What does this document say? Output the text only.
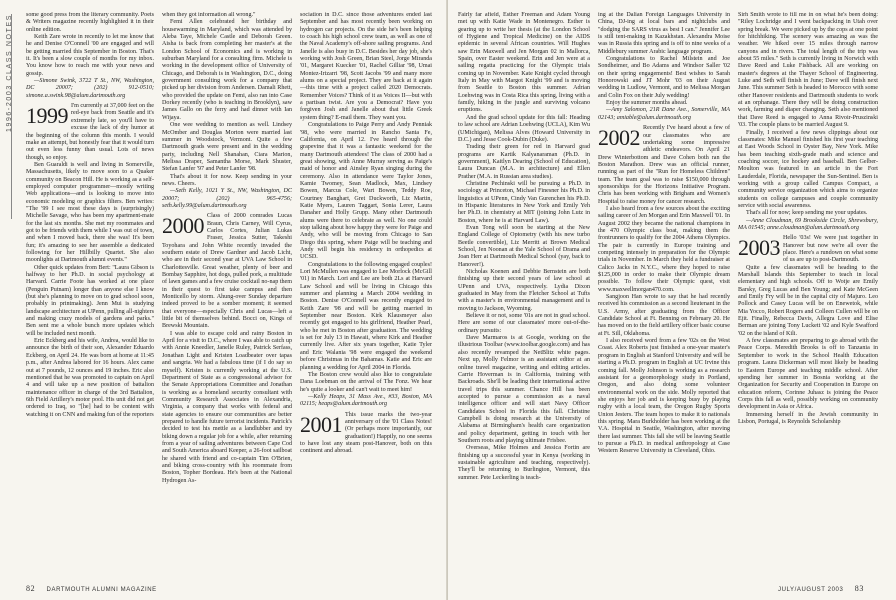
1996-2003 CLASS NOTES some good press from the literary community. Poets & Writers magazine recently highlighted it in their online edition.

Keith Zare wrote in recently to let me know that he and Denise O'Connell '00 are engaged and will be getting married this September in Boston. That's it. It's been a slow couple of months for my inbox. You know how to reach me with your news and gossip.

—Simone Swink, 3722 T St., NW, Washington, DC 20007; (202) 912-0510; simone.a.swink.98@alum.dartmouth.org

1999 I'm currently at 37,000 feet on the red-eye back from Seattle and it's extremely late, so you'll have to excuse the lack of dry humor at the beginning of the column this month. I would make an attempt, but honestly fear that it would turn out even less funny than usual. Lots of news though, so enjoy.

Ben Guaraldi is well and living in Somerville, Massachusetts, likely to move soon to a Quaker community on Beacon Hill. He is working as a self-employed computer programmer—mostly writing Web applications—and is looking to move into economic modeling or graphics filters. Ben writes: "The '99 I see most these days is (surprisingly) Michelle Savage, who has been my apartment-mate for the last six months. She met my roommates and got to be friends with them while I was out of town, and when I moved back, there she was! It's been fun; it's amazing to see her assemble a dedicated following for her Hillbilly Quartet. She also moonlights at Dartmouth alumni events."

Other quick updates from Bert: "Laura Gibson is halfway to her Ph.D. in social psychology at Harvard. Carrie Foote has worked at one place (Penguin Putnam) longer than anyone else I know (but she's planning to move on to grad school soon, probably in printmaking). Jenn Mui is studying landscape architecture at UPenn, pulling all-nighters and making crazy models of gardens and parks." Ben sent me a whole bunch more updates which will be included next month.

Eric Eckberg and his wife, Andrea, would like to announce the birth of their son, Alexander Eduardo Eckberg, on April 24. He was born at home at 11:45 p.m., after Andrea labored for 16 hours. Alex came out at 7 pounds, 12 ounces and 19 inches. Eric also mentioned that he was promoted to captain on April 4 and will take up a new position of battalion maintenance officer in charge of the 3rd Battalion, 6th Field Artillery's motor pool. His unit did not get ordered to Iraq, so "[he] had to be content with watching it on CNN and making fun of the reporters

when they got information all wrong."

Femi Allen celebrated her birthday and housewarming in Maryland, which was attended by Aleba Taye, Michele Castle and Deborah Green. Aisha is back from completing her master's at the London School of Economics and is working in suburban Maryland for a consulting firm. Michele is working in the development office of University of Chicago, and Deborah is in Washington, D.C., doing government consulting work for a company that picked up her division from Andersen. Damali Rhett, who provided the update on Femi, also ran into Case Dorkey recently (who is teaching in Brooklyn), saw James Gallo on the ferry and had dinner with Ian Wijaya.

One wee wedding to mention as well. Lindsey McOmber and Douglas Morton were married last summer in Woodstock, Vermont. Quite a few Dartmouth grads were present and in the wedding party, including Nell Shanahan, Ciara Marion, Melissa Draper, Samantha Morse, Mark Shuster, Stefan Lanfer '97 and Peter Lanfer '98.

That's about it for now. Keep sending in your news. Cheers.

—Seth Kelly, 1021 Y St., NW, Washington, DC 20007; (202) 965-4756; seth.kelly.99@alum.dartmouth.org

2000 Class of 2000 comrades Lucas Braun, Chris Carney, Will Cyrus, Carlos Cortes, Julian Lukas Fraser, Jessica Sutter, Takeshi Toyohara and John White recently invaded the southern estate of Drew Gardner and Jacob Licht, who are in their second year at UVA Law School in Charlottesville. Great weather, plenty of beer and Bombay Sapphire, hot dogs, pulled pork, a multitude of lawn games and a few cruise cocktail no-nap them in their quest to first take campus and then Monticello by storm. Ahung-over Sunday departure indeed proved to be a somber moment; it seemed that everyone—especially Chris and Lucas—left a little bit of themselves behind. Bocci on, Kings of Brewski Mountain.

I was able to escape cold and rainy Boston in April for a visit to D.C., where I was able to catch up with Annie Kneedler, Janelle Ruley, Patrick Serfass, Jonathan Light and Kristen Loadbeater over tapas and sangria. We had a fabulous time (if I do say so myself). Kristen is currently working at the U.S. Department of State as a congressional advisor for the Senate Appropriations Committee and Jonathan is working as a homeland security consultant with Community Research Associates in Alexandria, Virginia, a company that works with federal and state agencies to ensure our communities are better prepared to handle future terrorist incidents. Patrick's decided to test his mettle as a landlubber and try biking down a regular job for a while, after returning from a year of sailing adventures between Cape Cod and South America aboard Keeper, a 26-foot sailboat he shared with friend and co-captain Tim O'Brien, and biking cross-country with his roommate from Boston, Topher Bordeau. He's been at the National Hydrogen As-

sociation in D.C. since those adventures ended last September and has most recently been working on hydrogen car projects. On the side he's been helping to coach his high school crew team, as well as one of the Naval Academy's off-shore sailing programs. And Janelle is also busy in D.C. Besides her day job, she's working with Josh Green, Brian Steel, Jorge Miranda '01, Margaret Kuecker '01, Rachel Gilliar '98, Umai Montez-Irizarri '98, Scott Jacobs '99 and many more alums on a special project. They are back at it again—this time with a project called 2020 Democrats. Remember Voices? Think of it as Voices II—but with a partisan twist. Are you a Democrat? Have you forgiven Josh and Janelle about that little Greek system thing? E-mail them. They want you.

Congratulations to Paige Perry and Andy Penniak '98, who were married in Rancho Santa Fe, California, on April 12. I've heard through the grapevine that it was a fantastic weekend for the many Dartmouth attendees! The class of 2000 had a great showing, with Anne Murray serving as Paige's maid of honor and Ainsley Ryan singing during the ceremony. Also in attendance were Taylor Jones, Kamie Twomey, Sean Madlock, Max, Lindsey Bowen, Marcus Cole, Wart Bowen, Teddy Roe, Courtney Banghart, Gret Duckworth, Liz Martin, Katie Myers, Lauren Taggart, Sonia Lerer, Laura Danaher and Holly Grupp. Many other Dartmouth alums were there to celebrate as well. No one could stop talking about how happy they were for Paige and Andy, who will be moving from Chicago to San Diego this spring, where Paige will be teaching and Andy will begin his residency in orthopedics at UCSD.

Congratulations to the following engaged couples! Lori McMullen was engaged to Lee Morlock (McGill '01) in March. Lori and Lee are both 2Ls at Harvard Law School and will be living in Chicago this summer and planning a March 2004 wedding in Boston. Denise O'Connell was recently engaged to Keith Zare '98 and will be getting married in September near Boston. Kirk Klausmeyer also recently got engaged to his girlfriend, Heather Pearl, who he met in Boston after graduation. The wedding is set for July 13 in Hawaii, where Kirk and Heather currently live. After six years together, Katie Tyler and Eric Walania '98 were engaged the weekend before Christmas in the Bahamas. Katie and Eric are planning a wedding for April 2004 in Florida.

The Boston crew would also like to congratulate Dana Loebman on the arrival of The Fonz. We hear he's quite a looker and can't wait to meet him!

—Kelly Heaps, 31 Mass Ave., #33, Boston, MA 02115; heaps@alum.dartmouth.org

2001 This issue marks the two-year anniversary of the '01 Class Notes! (Or perhaps more importantly, our graduation!) Happily, no one seems to have lost any steam post-Hanover, both on this continent and abroad.

82 DARTMOUTH ALUMNI MAGAZINE

Fairly far afield, Esther Freeman and Adam Young met up with Katie Wade in Montenegro. Esther is gearing up to write her thesis (at the London School of Hygiene and Tropical Medicine) on the AIDS epidemic in several African countries. Will Hughes saw Erin Maxwell and Jen Morgan 02 in Mallorca, Spain, over Easter weekend. Erin and Jen were at a sailing regatta practicing for the Olympic trials coming up in November. Kate Knight cycled through Italy in May with Margot Knight '99 and is moving from Seattle to Boston this summer. Adrian Loehwing was in Costa Rica this spring, living with a family, hiking in the jungle and surviving volcano eruptions.

And the grad school update for this fall: Heading to law school are Adrian Loehwing (UCLA), Kim Wu (UMichigan), Melissa Alves (Howard University in D.C.) and Jesse Cook-Dubin (Duke).

Trading their green for red in Harvard grad programs are Kartik Kalyanaraman (Ph.D. in government), Kaitlyn Dearing (School of Education), Laura Duncan (M.A. in architecture) and Ellen Prather (M.A. in Russian area studies).

Christine Pechinski will be pursuing a Ph.D. in sociology at Princeton, Michael Finesner his Ph.D. in linguistics at UPenn, Cindy Van Gurenchen his Ph.D. in Hispanic literatures in New York and Emily Yeh her Ph.D. in chemistry at MIT (joining John Lutz in Boston, where he is at Harvard Law).

Evan Tong will soon be starting at the New England College of Optometry (with his new turbo Beetle convertible), Liz Merritt at Brown Medical School, Jen Noonan at the Yale School of Drama and Joan Herr at Dartmouth Medical School (yay, back to Hanover!).

Nicholas Koenen and Debbie Bernstein are both finishing up their second years of law school at UPenn and UVA, respectively. Lydia Dixon graduated in May from the Fletcher School at Tufts with a master's in environmental management and is moving to Jackson, Wyoming.

Believe it or not, some '01s are not in grad school. Here are some of our classmates' more out-of-the-ordinary pursuits:

Dave Marmaros is at Google, working on the illustrious Toolbar (www.toolbar.google.com) and has also recently revamped the NetBlitz white pages. Next up, Molly Felmor is an assistant editor at an online travel magazine, writing and editing articles. Carrie Hoverman is in California, training with Backroads. She'll be leading their international active travel trips this summer. Chance Hill has been accepted to pursue a commission as a naval intelligence officer and will start Navy Officer Candidates School in Florida this fall. Christine Campbell is doing research at the University of Alabama at Birmingham's health care organization and policy department, getting in touch with her Southern roots and playing ultimate Frisbee.

Overseas, Mike Holmes and Jessica Fortin are finishing up a successful year in Kenya (working in sustainable agriculture and teaching, respectively). They'll be returning to Burlington, Vermont, this summer. Pete Leckerling is teach-

ing at the Dalian Foreign Languages University in China, DJ-ing at local bars and nightclubs and "dodging the SARS virus as best I can." Jennifer Lee is still tent-making in Kazakhstan. Alexandra Moise was in Russia this spring and is off to nine weeks of a Middlebury summer Arabic language program.

Congratulations to Rachel Milstein and Joe Sondheimer, and Bo Adams and Windsor Saller '02 on their spring engagements! Best wishes to Sarah Honorowski and JT Mohr '03 on their August wedding in Ludlow, Vermont, and to Melissa Morgan and Colin Fox on their July wedding!

Enjoy the summer months ahead.

—Amy Salomon, 21R Dane Ave., Somerville, MA 02143; amiable@alum.dartmouth.org

2002 Recently I've heard about a few of our classmates who are undertaking some impressive athletic endeavors. On April 21 Drew Winterbottom and Dave Cohen both ran the Boston Marathon. Drew was an official runner, running as part of the "Run for Homeless Children" team. The team goal was to raise $150,000 through sponsorships for the Horizons Initiative Program. Chris has been working with Brigham and Women's Hospital to raise money for cancer research.

I also heard from a few sources about the exciting sailing career of Jen Morgan and Erin Maxwell '01. In August 2002 they became the national champions in the 470 Olympic class boat, making them the frontrunners to qualify for the 2004 Athens Olympics. The pair is currently in Europe training and competing intensely in preparation for the Olympic trials in November. In March they held a fundraiser at Calico Jacks in N.Y.C., where they hoped to raise $125,000 in order to make their Olympic dream possible. To follow their Olympic quest, visit www.maxwellmorgan470.com.

Sangjoon Han wrote to say that he had recently received his commission as a second lieutenant in the U.S. Army, after graduating from the Officer Candidate School at Ft. Benning on February 20. He has moved on to the field artillery officer basic course at Ft. Sill, Oklahoma.

I also received word from a few '02s on the West Coast. Alex Roberts just finished a one-year master's program in English at Stanford University and will be starting a Ph.D. program in English at UC Irvine this coming fall. Molly Johnson is working as a research assistant for a geomorphology study in Portland, Oregon, and also doing some volunteer environmental work on the side. Molly reported that she enjoys her job and is keeping busy by playing rugby with a local team, the Oregon Rugby Sports Union Jesters. The team hopes to make it to nationals this spring. Mara Burkholder has been working at the V.A. Hospital in Seattle, Washington, after moving there last summer. This fall she will be leaving Seattle to pursue a Ph.D. in medical anthropology at Case Western Reserve University in Cleveland, Ohio.

Sirh Smith wrote to fill me in on what he's been doing: "Riley Lochridge and I went backpacking in Utah over spring break. We were picked up by the cops at one point for hitchhiking. The scenery was amazing as was the weather. We hiked over 15 miles through narrow canyons and in rivers. The total length of the trip was about 55 miles." Seth is currently living in Norwich with Dave Reed and Luke Fishback. All are working on master's degrees at the Thayer School of Engineering. Luke and Seth will finish in June; Dave will finish next June. This summer Seth is headed to Morocco with some other Hanover residents and Dartmouth students to work at an orphanage. There they will be doing construction work, farming and diaper changing. Seth also mentioned that Dave Reed is engaged to Anna Rivoir-Pruszinski '03. The couple plans to be married August 9.

Finally, I received a few news clippings about our classmates: Mike Manuel finished his first year teaching at East Woods School in Oyster Bay, New York. Mike has been teaching sixth-grade math and science and coaching soccer, ice hockey and baseball. Ben Gelber-Moulton was featured in an article in the Fort Lauderdale, Florida, newspaper the Sun-Sentinel. Ben is working with a group called Campus Compact, a community service organization which aims to organize students on college campuses and couple community service with social awareness.

That's all for now; keep sending me your updates.

—Anne Cloudman, 69 Brookside Circle, Shrewsbury, MA 01545; anne.cloudman@alum.dartmouth.org

2003 Hello '03s! We were just together in Hanover but now we're all over the place. Here's a rundown on what some of us are up to post-Dartmouth.

Quite a few classmates will be heading to the Marshall Islands this September to teach in local elementary and high schools. Off to Wotje are Emily Barsky, Greg Lucas and Ben Young; and Kate McGeen and Emily Fry will be in the capital city of Majuro. Leo Pollock and Casey Lucas will be on Enewetok, while Mia Yocco, Robert Rogers and Colleen Cullen will be on Ejit. Finally, Rebecca Davis, Allegra Love and Elise Berman are joining Tony Luckett '02 and Kyle Swafford '02 on the island of Kili.

A few classmates are preparing to go abroad with the Peace Corps. Meredith Brooks is off to Tanzania in September to work in the School Health Education program. Laura Dickerman will most likely be heading to Eastern Europe and teaching middle school. After spending her summer in Bosnia working at the Organization for Security and Cooperation in Europe on education reform, Corinne Juhasz is joining the Peace Corps this fall as well, possibly working on community development in Asia or Africa.

Immersing herself in the Jewish community in Lisbon, Portugal, is Reynolds Scholarship

JULY/AUGUST 2003 83
